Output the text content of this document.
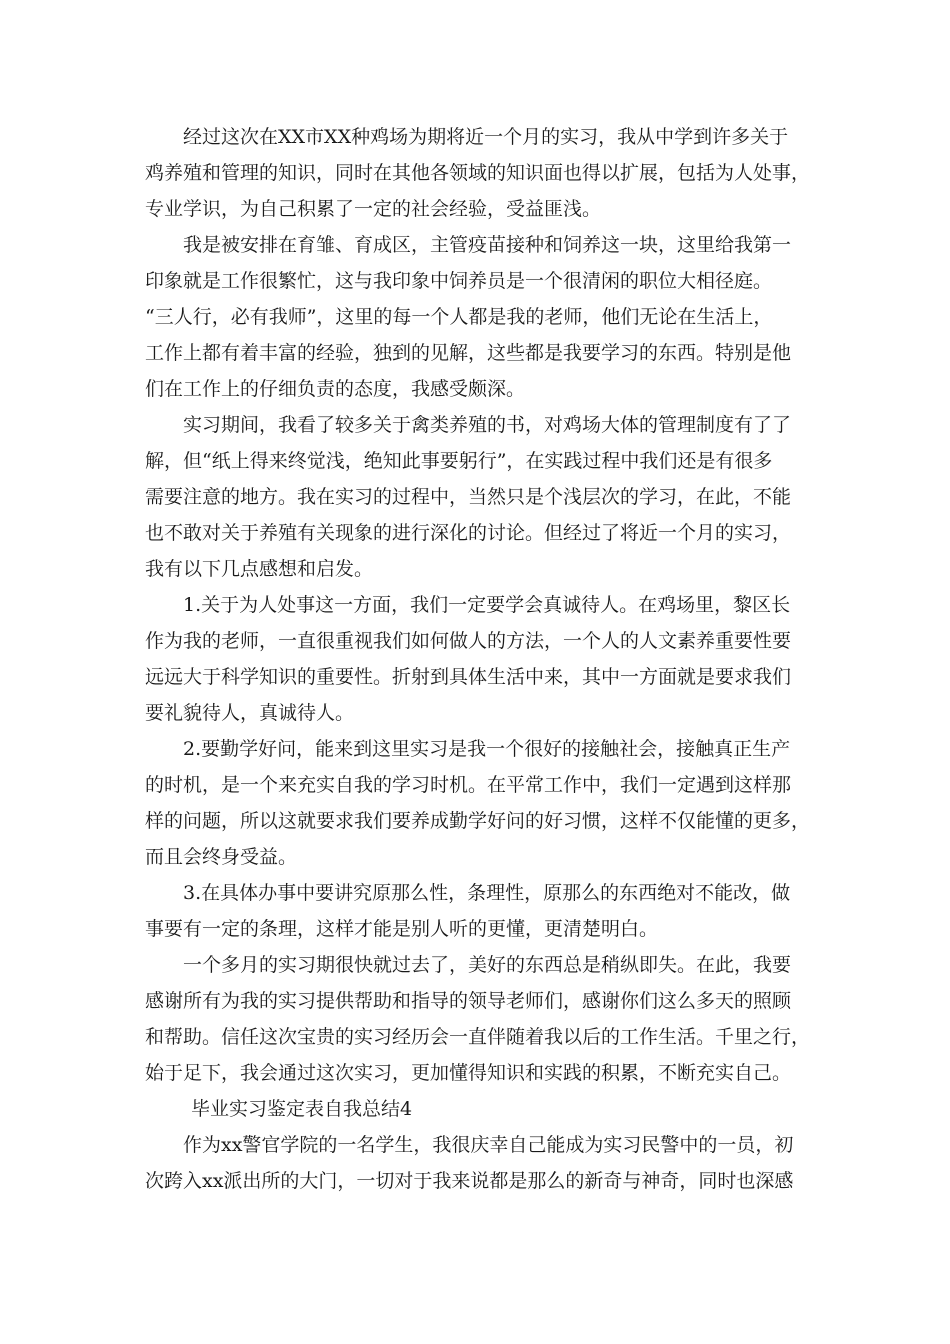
经过这次在XX市XX种鸡场为期将近一个月的实习，我从中学到许多关于
鸡养殖和管理的知识，同时在其他各领域的知识面也得以扩展，包括为人处事，
专业学识，为自己积累了一定的社会经验，受益匪浅。
我是被安排在育雏、育成区，主管疫苗接种和饲养这一块，这里给我第一
印象就是工作很繁忙，这与我印象中饲养员是一个很清闲的职位大相径庭。
“三人行，必有我师”，这里的每一个人都是我的老师，他们无论在生活上，
工作上都有着丰富的经验，独到的见解，这些都是我要学习的东西。特别是他
们在工作上的仔细负责的态度，我感受颇深。
实习期间，我看了较多关于禽类养殖的书，对鸡场大体的管理制度有了了
解，但“纸上得来终觉浅，绝知此事要躬行”，在实践过程中我们还是有很多
需要注意的地方。我在实习的过程中，当然只是个浅层次的学习，在此，不能
也不敢对关于养殖有关现象的进行深化的讨论。但经过了将近一个月的实习，
我有以下几点感想和启发。
1.关于为人处事这一方面，我们一定要学会真诚待人。在鸡场里，黎区长
作为我的老师，一直很重视我们如何做人的方法，一个人的人文素养重要性要
远远大于科学知识的重要性。折射到具体生活中来，其中一方面就是要求我们
要礼貌待人，真诚待人。
2.要勤学好问，能来到这里实习是我一个很好的接触社会，接触真正生产
的时机，是一个来充实自我的学习时机。在平常工作中，我们一定遇到这样那
样的问题，所以这就要求我们要养成勤学好问的好习惯，这样不仅能懂的更多，
而且会终身受益。
3.在具体办事中要讲究原那么性，条理性，原那么的东西绝对不能改，做
事要有一定的条理，这样才能是别人听的更懂，更清楚明白。
一个多月的实习期很快就过去了，美好的东西总是稍纵即失。在此，我要
感谢所有为我的实习提供帮助和指导的领导老师们，感谢你们这么多天的照顾
和帮助。信任这次宝贵的实习经历会一直伴随着我以后的工作生活。千里之行，
始于足下，我会通过这次实习，更加懂得知识和实践的积累，不断充实自己。
毕业实习鉴定表自我总结4
作为xx警官学院的一名学生，我很庆幸自己能成为实习民警中的一员，初
次跨入xx派出所的大门，一切对于我来说都是那么的新奇与神奇，同时也深感
